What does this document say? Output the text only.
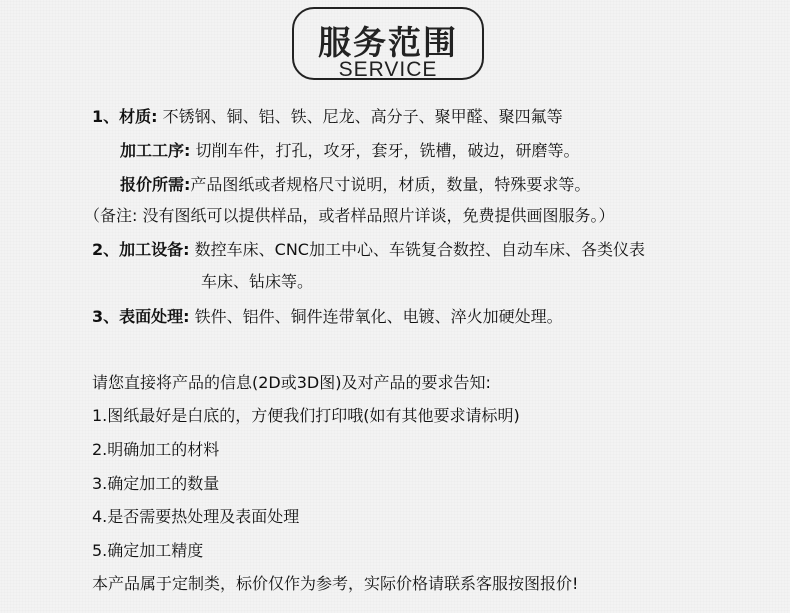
服务范围
SERVICE
1、材质: 不锈钢、铜、铝、铁、尼龙、高分子、聚甲醛、聚四氟等
加工工序: 切削车件，打孔，攻牙，套牙，铣槽，破边，研磨等。
报价所需:产品图纸或者规格尺寸说明，材质，数量，特殊要求等。
（备注: 没有图纸可以提供样品，或者样品照片详谈，免费提供画图服务。）
2、加工设备: 数控车床、CNC加工中心、车铣复合数控、自动车床、各类仪表
车床、钻床等。
3、表面处理: 铁件、铝件、铜件连带氧化、电镀、淬火加硬处理。
请您直接将产品的信息(2D或3D图)及对产品的要求告知:
1.图纸最好是白底的，方便我们打印哦(如有其他要求请标明)
2.明确加工的材料
3.确定加工的数量
4.是否需要热处理及表面处理
5.确定加工精度
本产品属于定制类，标价仅作为参考，实际价格请联系客服按图报价!
